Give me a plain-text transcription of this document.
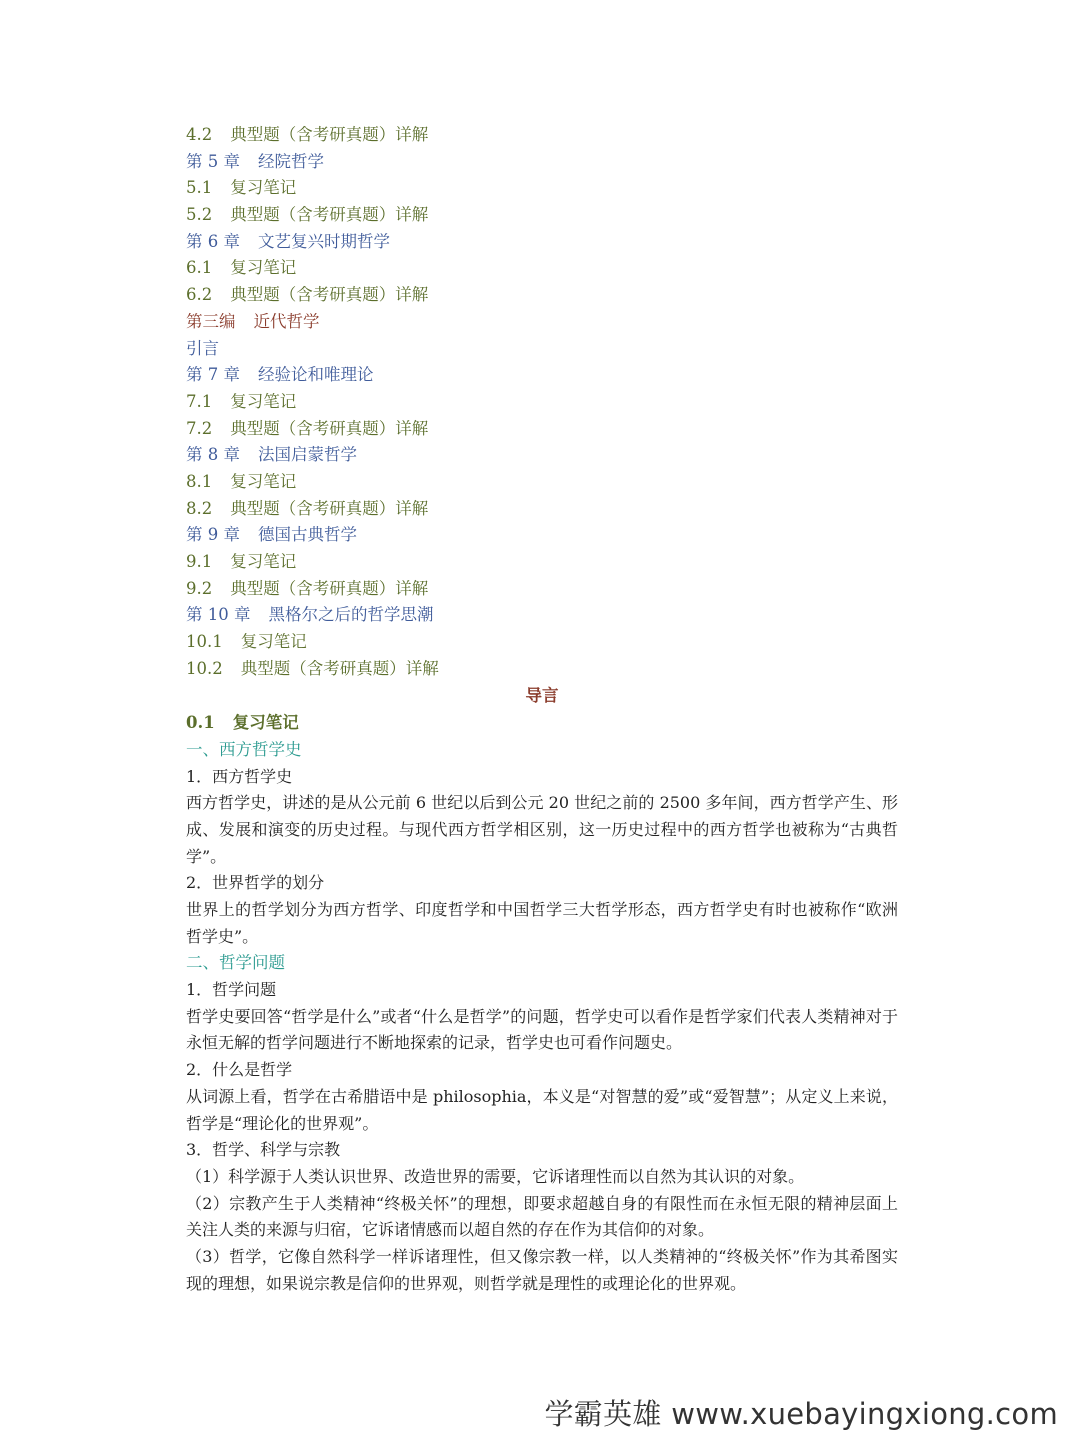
4.2 典型题（含考研真题）详解
第 5 章 经院哲学
5.1 复习笔记
5.2 典型题（含考研真题）详解
第 6 章 文艺复兴时期哲学
6.1 复习笔记
6.2 典型题（含考研真题）详解
第三编 近代哲学
引言
第 7 章 经验论和唯理论
7.1 复习笔记
7.2 典型题（含考研真题）详解
第 8 章 法国启蒙哲学
8.1 复习笔记
8.2 典型题（含考研真题）详解
第 9 章 德国古典哲学
9.1 复习笔记
9.2 典型题（含考研真题）详解
第 10 章 黑格尔之后的哲学思潮
10.1 复习笔记
10.2 典型题（含考研真题）详解
导言
0.1 复习笔记
一、西方哲学史
1．西方哲学史

西方哲学史，讲述的是从公元前 6 世纪以后到公元 20 世纪之前的 2500 多年间，西方哲学产生、形成、发展和演变的历史过程。与现代西方哲学相区别，这一历史过程中的西方哲学也被称为“古典哲学”。

2．世界哲学的划分

世界上的哲学划分为西方哲学、印度哲学和中国哲学三大哲学形态，西方哲学史有时也被称作“欧洲哲学史”。

二、哲学问题
1．哲学问题

哲学史要回答“哲学是什么”或者“什么是哲学”的问题，哲学史可以看作是哲学家们代表人类精神对于永恒无解的哲学问题进行不断地探索的记录，哲学史也可看作问题史。

2．什么是哲学

从词源上看，哲学在古希腊语中是 philosophia，本义是“对智慧的爱”或“爱智慧”；从定义上来说，哲学是“理论化的世界观”。

3．哲学、科学与宗教

（1）科学源于人类认识世界、改造世界的需要，它诉诸理性而以自然为其认识的对象。

（2）宗教产生于人类精神“终极关怀”的理想，即要求超越自身的有限性而在永恒无限的精神层面上关注人类的来源与归宿，它诉诸情感而以超自然的存在作为其信仰的对象。

（3）哲学，它像自然科学一样诉诸理性，但又像宗教一样，以人类精神的“终极关怀”作为其希图实现的理想，如果说宗教是信仰的世界观，则哲学就是理性的或理论化的世界观。

学霸英雄 www.xuebayingxiong.com
